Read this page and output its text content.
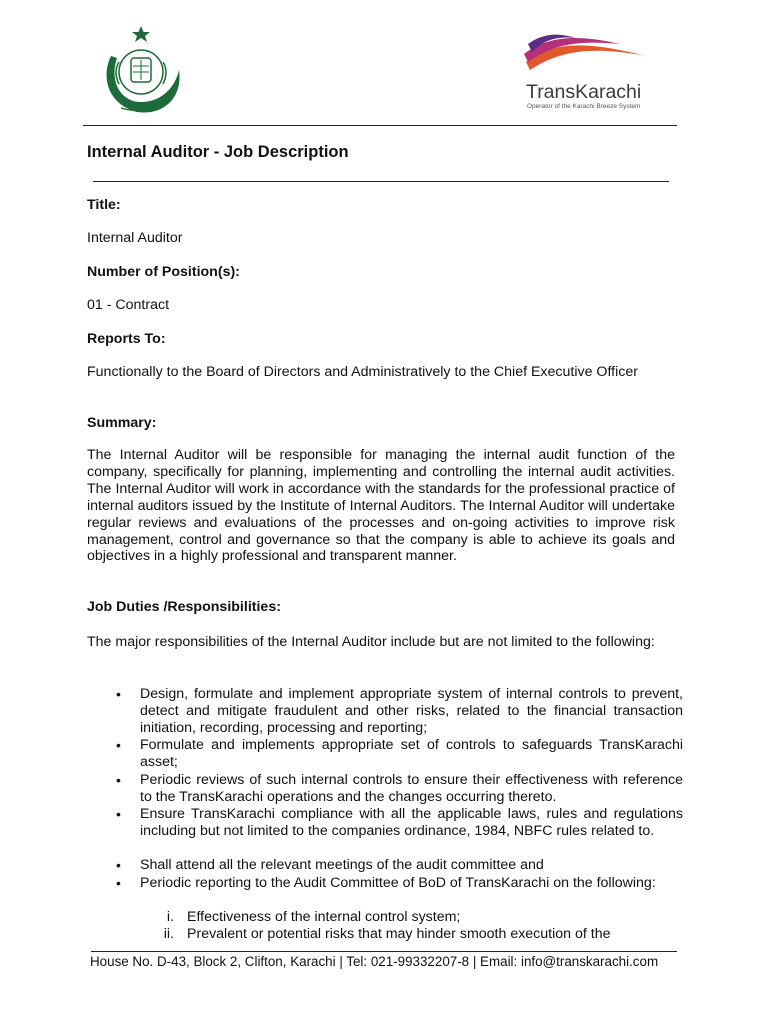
TransKarachi
Operator of the Karachi Breeze System
Internal Auditor - Job Description
Title:
Internal Auditor
Number of Position(s):
01 - Contract
Reports To:
Functionally to the Board of Directors and Administratively to the Chief Executive Officer
Summary:
The Internal Auditor will be responsible for managing the internal audit function of the company, specifically for planning, implementing and controlling the internal audit activities. The Internal Auditor will work in accordance with the standards for the professional practice of internal auditors issued by the Institute of Internal Auditors. The Internal Auditor will undertake regular reviews and evaluations of the processes and on-going activities to improve risk management, control and governance so that the company is able to achieve its goals and objectives in a highly professional and transparent manner.
Job Duties /Responsibilities:
The major responsibilities of the Internal Auditor include but are not limited to the following:
• Design, formulate and implement appropriate system of internal controls to prevent, detect and mitigate fraudulent and other risks, related to the financial transaction initiation, recording, processing and reporting;
• Formulate and implements appropriate set of controls to safeguards TransKarachi asset;
• Periodic reviews of such internal controls to ensure their effectiveness with reference to the TransKarachi operations and the changes occurring thereto.
• Ensure TransKarachi compliance with all the applicable laws, rules and regulations including but not limited to the companies ordinance, 1984, NBFC rules related to.
• Shall attend all the relevant meetings of the audit committee and
• Periodic reporting to the Audit Committee of BoD of TransKarachi on the following:
i. Effectiveness of the internal control system;
ii. Prevalent or potential risks that may hinder smooth execution of the
House No. D-43, Block 2, Clifton, Karachi | Tel: 021-99332207-8 | Email: info@transkarachi.com
